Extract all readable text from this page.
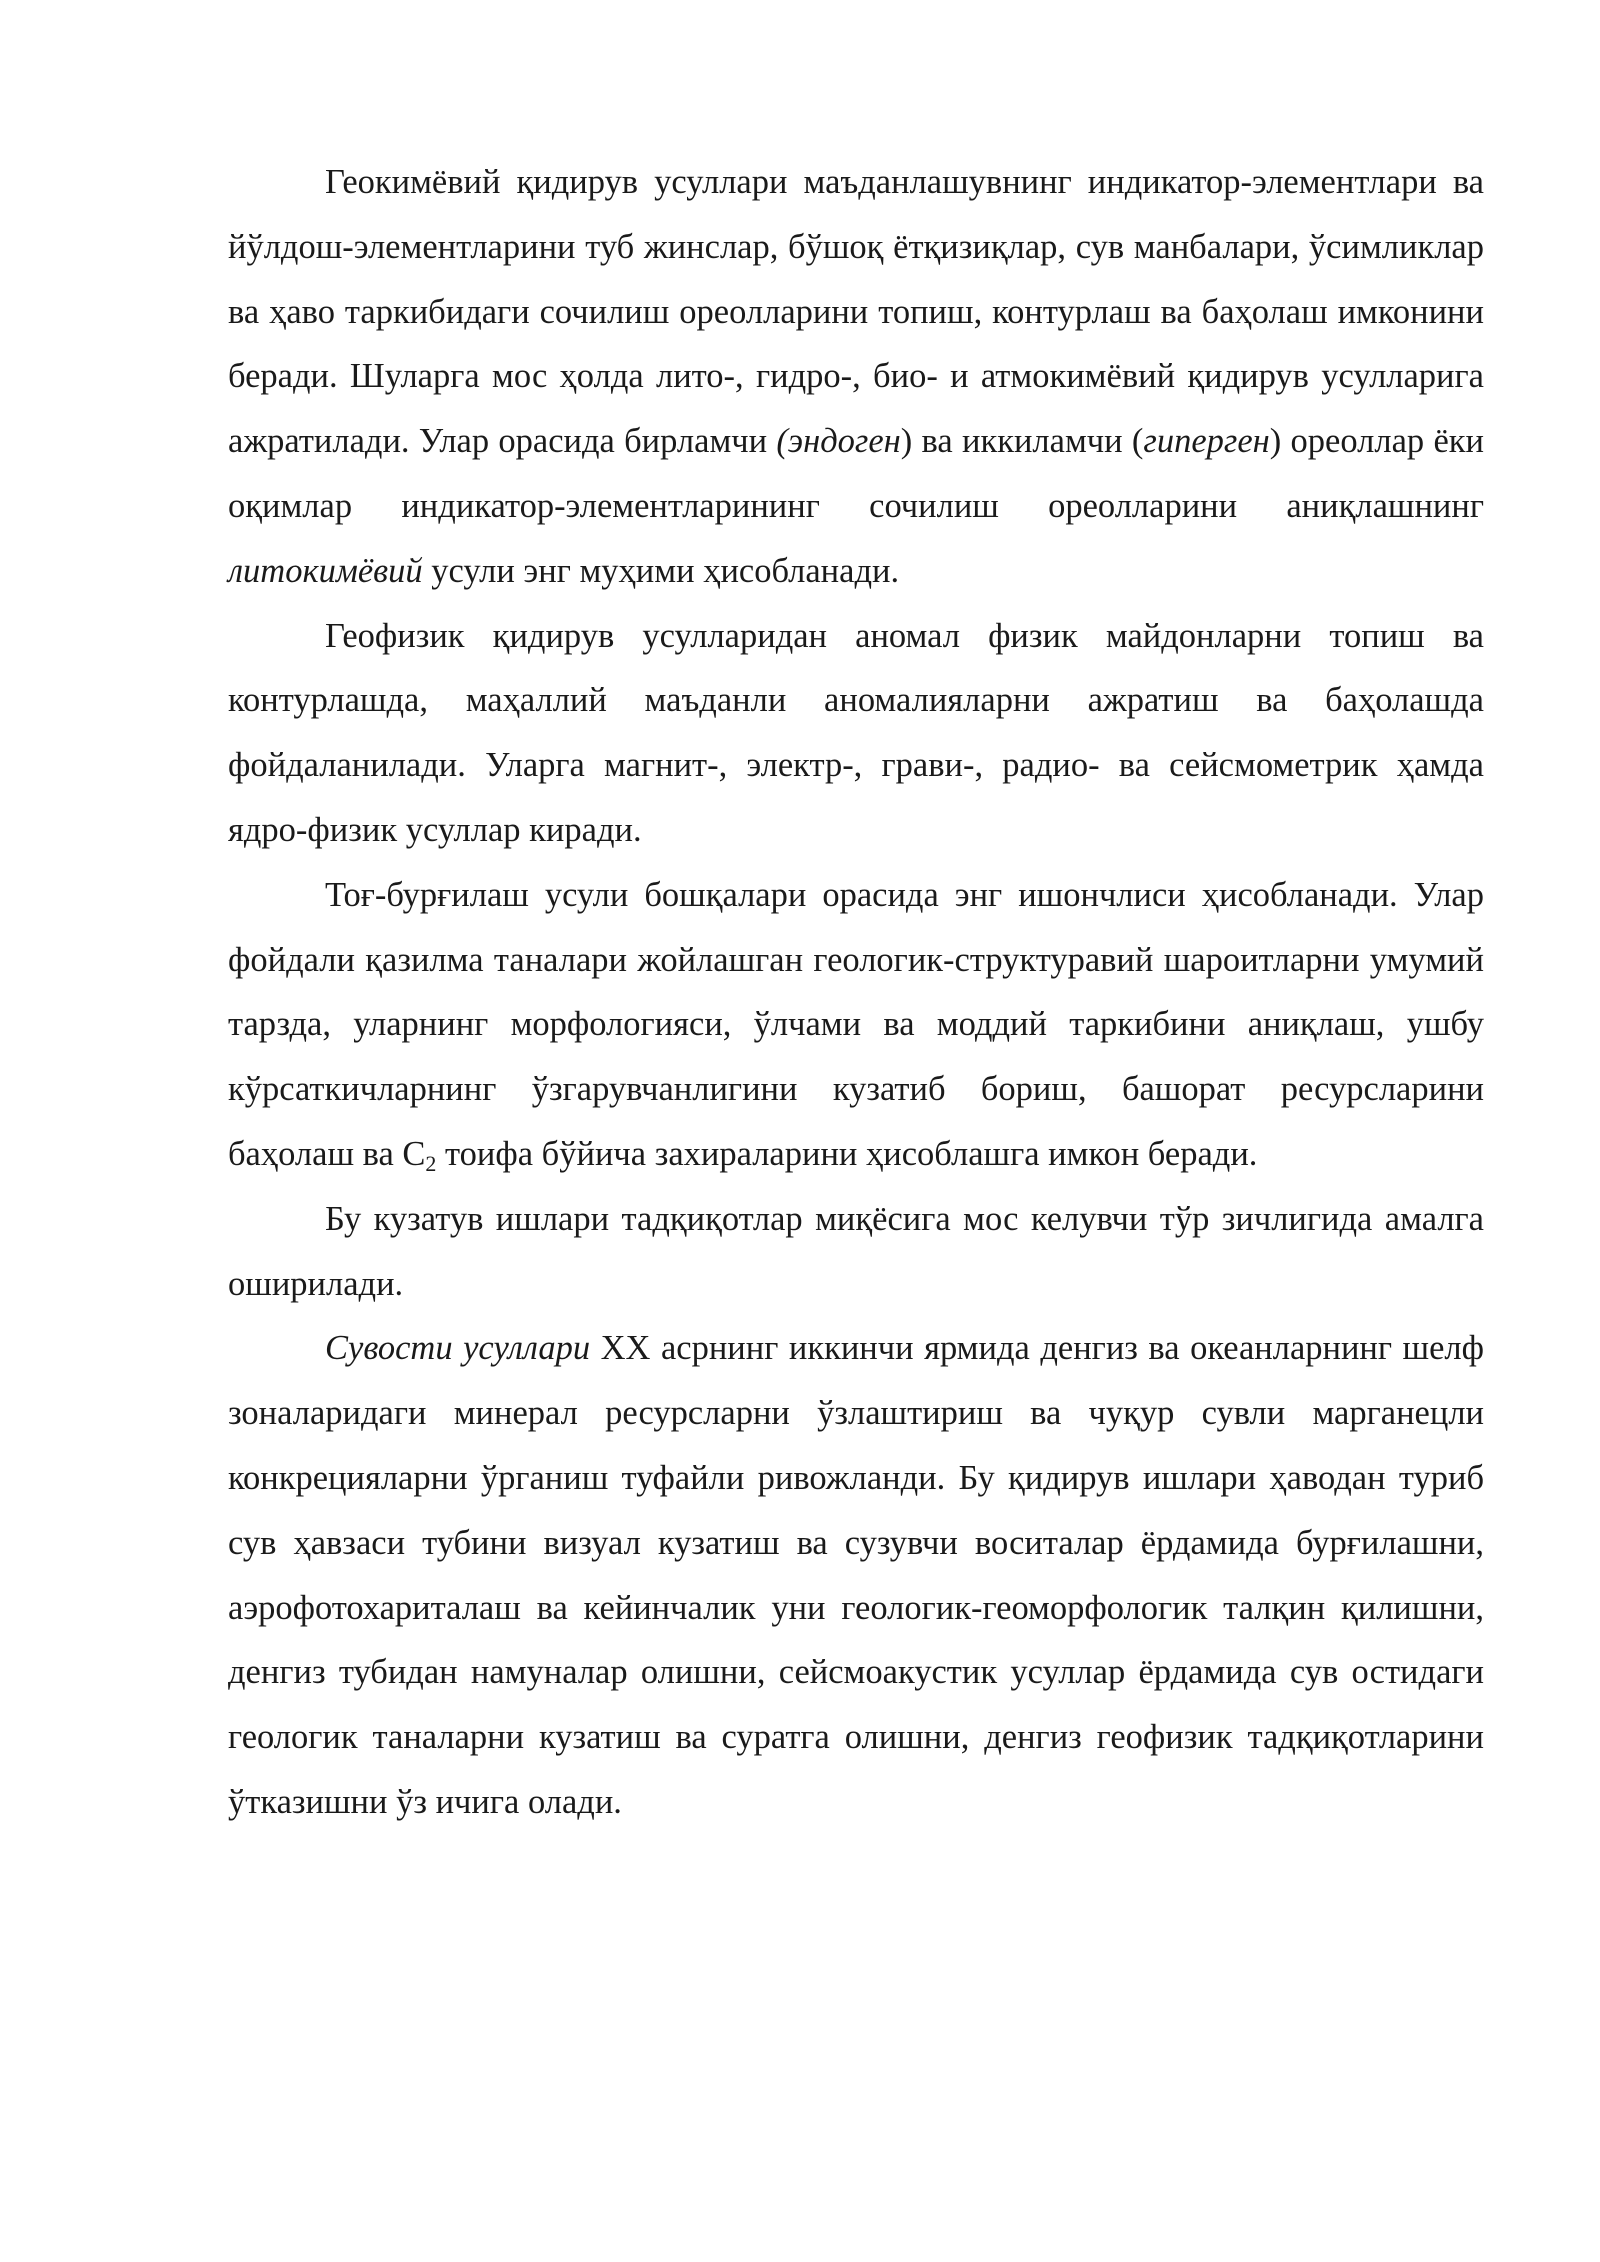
Геокимёвий қидирув усуллари маъданлашувнинг индикатор-элементлари ва йўлдош-элементларини туб жинслар, бўшоқ ётқизиқлар, сув манбалари, ўсимликлар ва ҳаво таркибидаги сочилиш ореолларини топиш, контурлаш ва баҳолаш имконини беради. Шуларга мос ҳолда лито-, гидро-, био- и атмокимёвий қидирув усулларига ажратилади. Улар орасида бирламчи (эндоген) ва иккиламчи (гиперген) ореоллар ёки оқимлар индикатор-элементларининг сочилиш ореолларини аниқлашнинг литокимёвий усули энг муҳими ҳисобланади.

Геофизик қидирув усулларидан аномал физик майдонларни топиш ва контурлашда, маҳаллий маъданли аномалияларни ажратиш ва баҳолашда фойдаланилади. Уларга магнит-, электр-, грави-, радио- ва сейсмометрик ҳамда ядро-физик усуллар киради.

Тоғ-бурғилаш усули бошқалари орасида энг ишончлиси ҳисобланади. Улар фойдали қазилма таналари жойлашган геологик-структуравий шароитларни умумий тарзда, уларнинг морфологияси, ўлчами ва моддий таркибини аниқлаш, ушбу кўрсаткичларнинг ўзгарувчанлигини кузатиб бориш, башорат ресурсларини баҳолаш ва $С_2$ тоифа бўйича захираларини ҳисоблашга имкон беради.

Бу кузатув ишлари тадқиқотлар миқёсига мос келувчи тўр зичлигида амалга оширилади.

Сувости усуллари XX асрнинг иккинчи ярмида денгиз ва океанларнинг шелф зоналаридаги минерал ресурсларни ўзлаштириш ва чуқур сувли марганецли конкрецияларни ўрганиш туфайли ривожланди. Бу қидирув ишлари ҳаводан туриб сув ҳавзаси тубини визуал кузатиш ва сузувчи воситалар ёрдамида бурғилашни, аэрофотохариталаш ва кейинчалик уни геологик-геоморфологик талқин қилишни, денгиз тубидан намуналар олишни, сейсмоакустик усуллар ёрдамида сув остидаги геологик таналарни кузатиш ва суратга олишни, денгиз геофизик тадқиқотларини ўтказишни ўз ичига олади.
